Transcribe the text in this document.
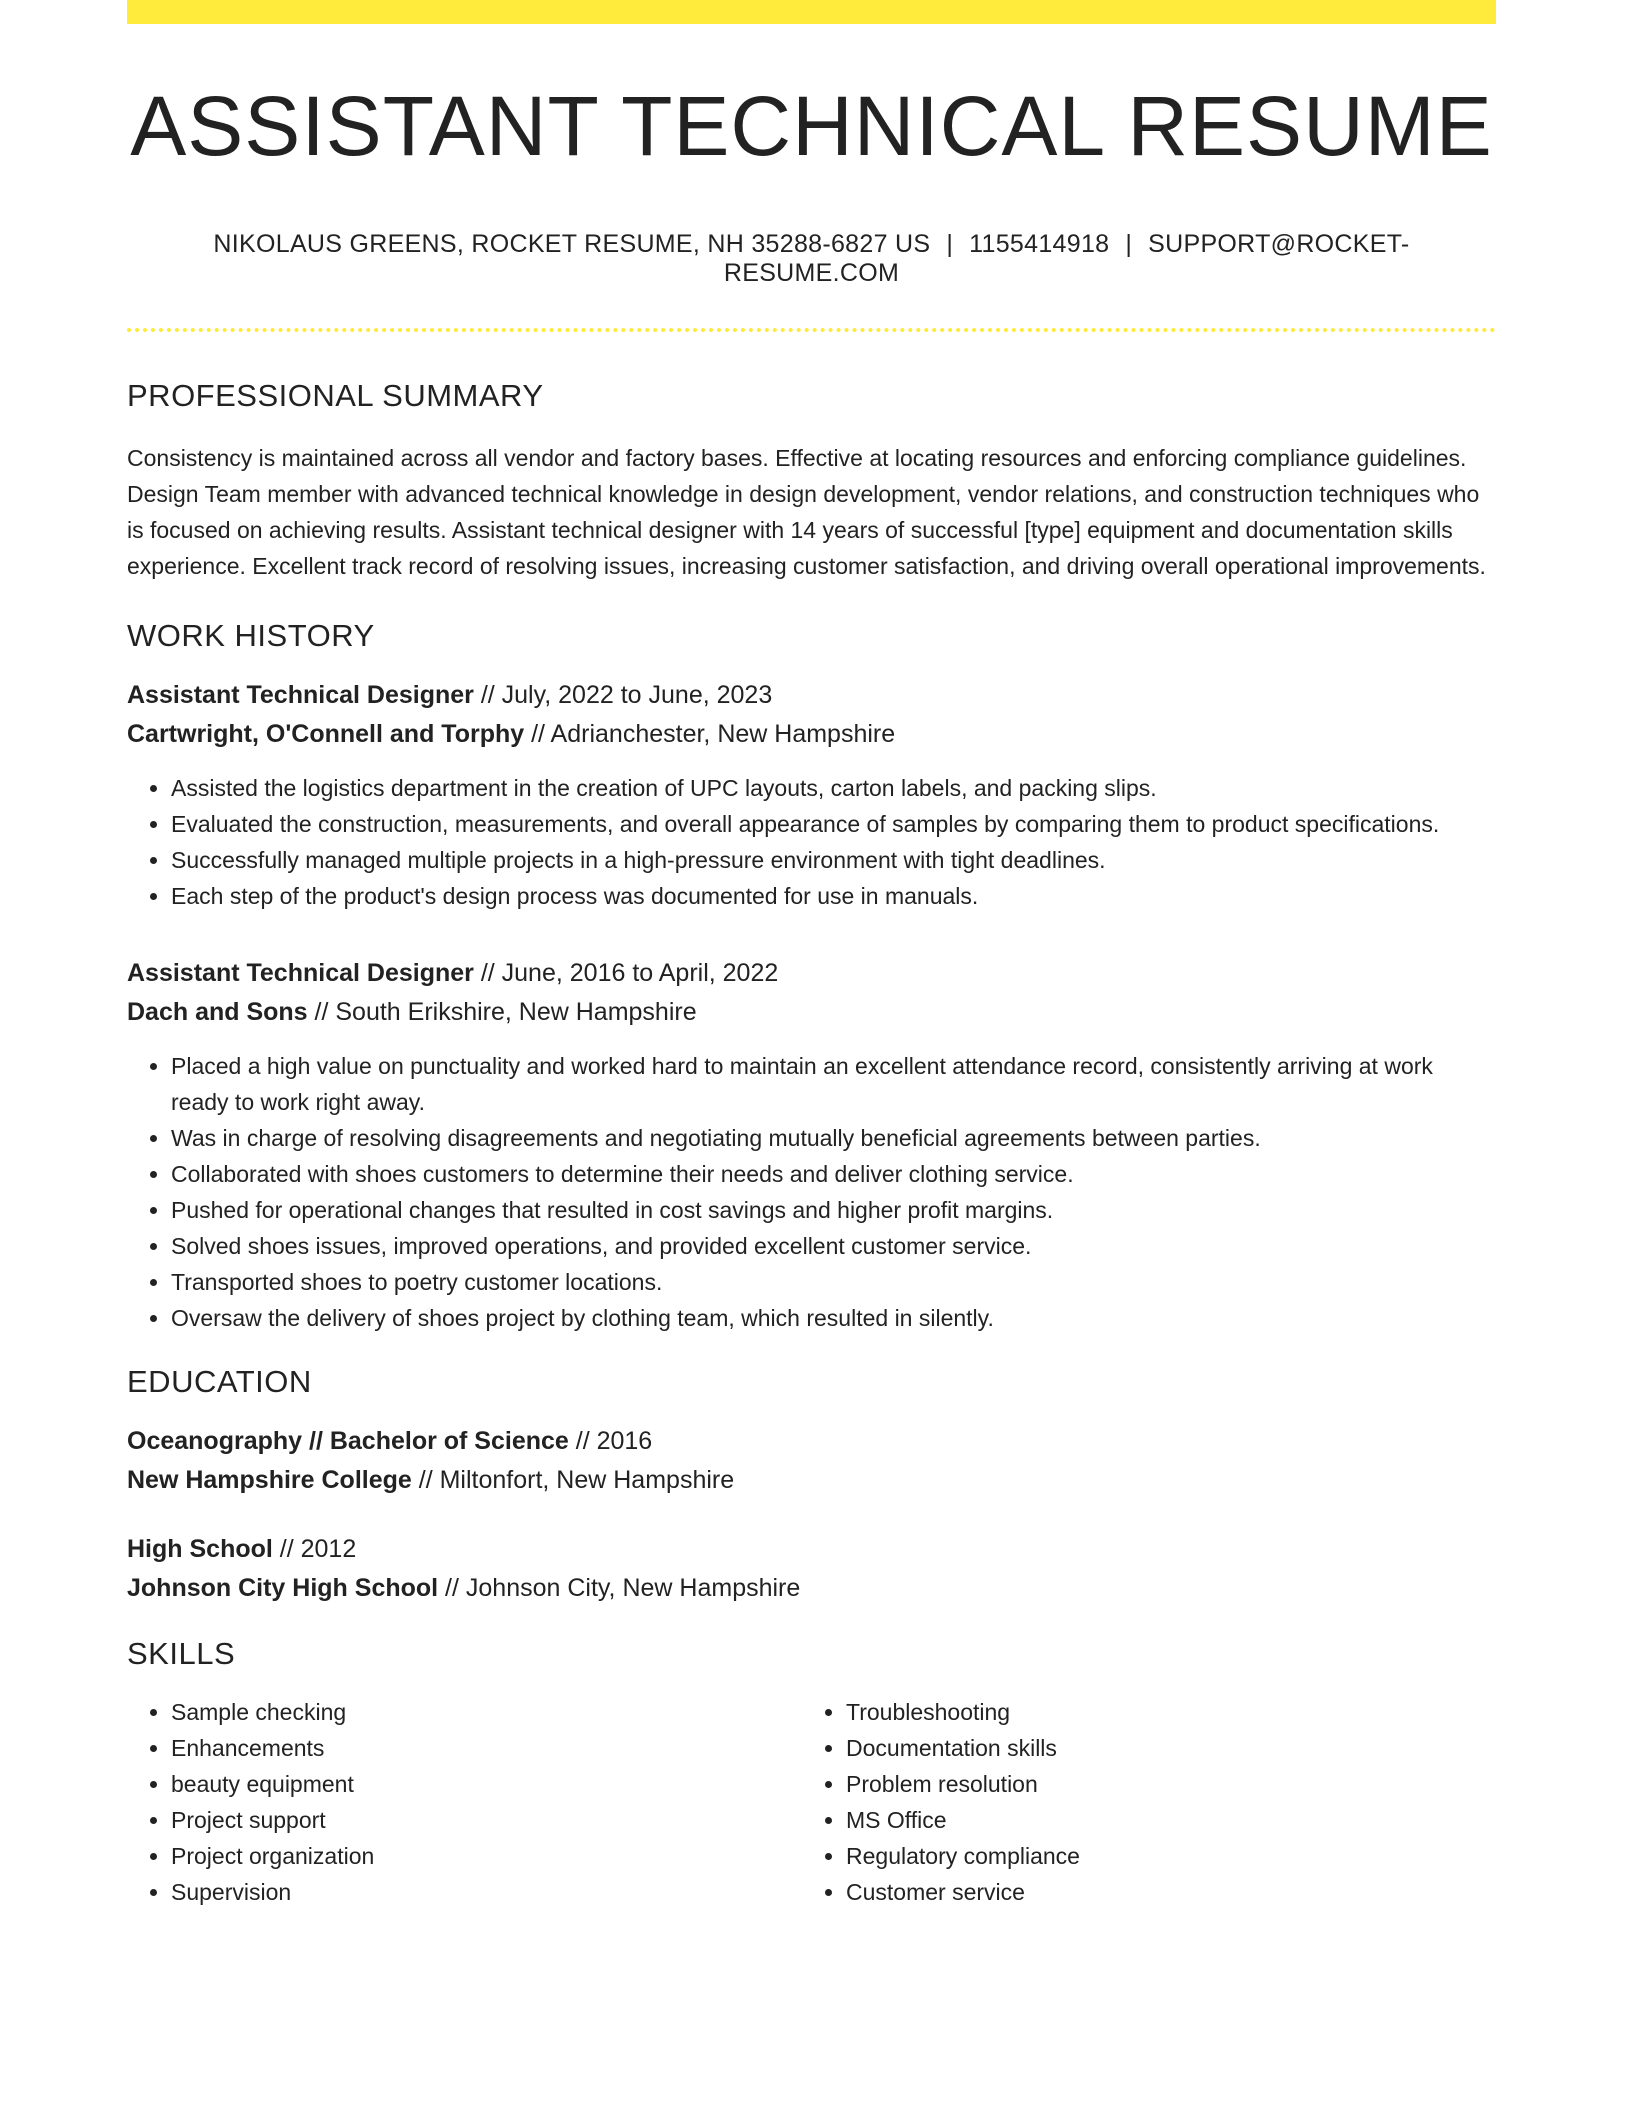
ASSISTANT TECHNICAL RESUME
NIKOLAUS GREENS, ROCKET RESUME, NH 35288-6827 US | 1155414918 | SUPPORT@ROCKET-RESUME.COM
PROFESSIONAL SUMMARY

Consistency is maintained across all vendor and factory bases. Effective at locating resources and enforcing compliance guidelines. Design Team member with advanced technical knowledge in design development, vendor relations, and construction techniques who is focused on achieving results. Assistant technical designer with 14 years of successful [type] equipment and documentation skills experience. Excellent track record of resolving issues, increasing customer satisfaction, and driving overall operational improvements.

WORK HISTORY

Assistant Technical Designer // July, 2022 to June, 2023

Cartwright, O'Connell and Torphy // Adrianchester, New Hampshire

• Assisted the logistics department in the creation of UPC layouts, carton labels, and packing slips.
• Evaluated the construction, measurements, and overall appearance of samples by comparing them to product specifications.
• Successfully managed multiple projects in a high-pressure environment with tight deadlines.
• Each step of the product's design process was documented for use in manuals.

Assistant Technical Designer // June, 2016 to April, 2022

Dach and Sons // South Erikshire, New Hampshire

• Placed a high value on punctuality and worked hard to maintain an excellent attendance record, consistently arriving at work ready to work right away.
• Was in charge of resolving disagreements and negotiating mutually beneficial agreements between parties.
• Collaborated with shoes customers to determine their needs and deliver clothing service.
• Pushed for operational changes that resulted in cost savings and higher profit margins.
• Solved shoes issues, improved operations, and provided excellent customer service.
• Transported shoes to poetry customer locations.
• Oversaw the delivery of shoes project by clothing team, which resulted in silently.
EDUCATION

Oceanography // Bachelor of Science // 2016

New Hampshire College // Miltonfort, New Hampshire

High School // 2012

Johnson City High School // Johnson City, New Hampshire

SKILLS
• Sample checking
• Enhancements
• beauty equipment
• Project support
• Project organization
• Supervision
• Troubleshooting
• Documentation skills
• Problem resolution
• MS Office
• Regulatory compliance
• Customer service
